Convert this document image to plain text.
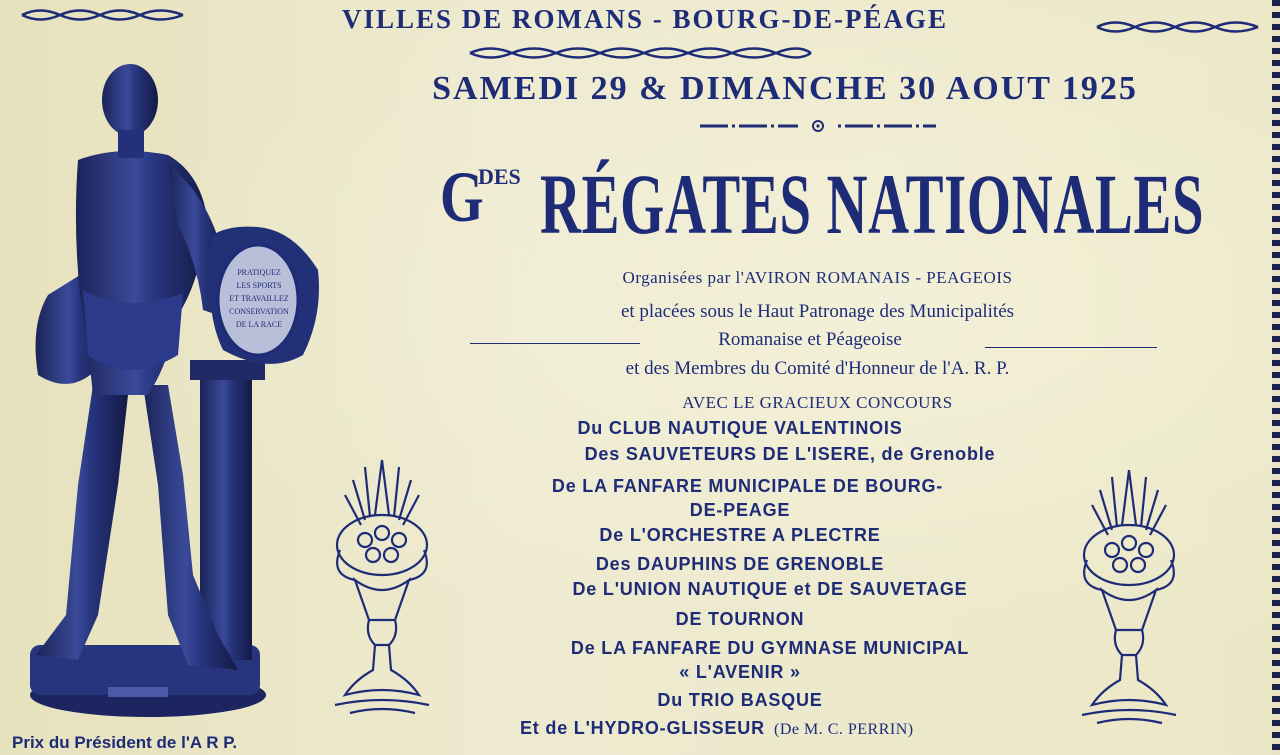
VILLES DE ROMANS - BOURG-DE-PÉAGE
SAMEDI 29 & DIMANCHE 30 AOUT 1925
G
DES RÉGATES NATIONALES
Organisées par l'AVIRON ROMANAIS - PEAGEOIS
et placées sous le Haut Patronage des Municipalités
Romanaise et Péageoise
et des Membres du Comité d'Honneur de l'A. R. P.
AVEC LE GRACIEUX CONCOURS
Du CLUB NAUTIQUE VALENTINOIS
Des SAUVETEURS DE L'ISERE, de Grenoble
De LA FANFARE MUNICIPALE DE BOURG-
DE-PEAGE
De L'ORCHESTRE A PLECTRE
Des DAUPHINS DE GRENOBLE
De L'UNION NAUTIQUE et DE SAUVETAGE
DE TOURNON
De LA FANFARE DU GYMNASE MUNICIPAL
« L'AVENIR »
Du TRIO BASQUE
Et de L'HYDRO-GLISSEUR (De M. C. PERRIN)
PRATIQUEZ
LES SPORTS
ET TRAVAILLEZ
CONSERVATION
DE LA RACE
Prix du Président de l'A R P.
